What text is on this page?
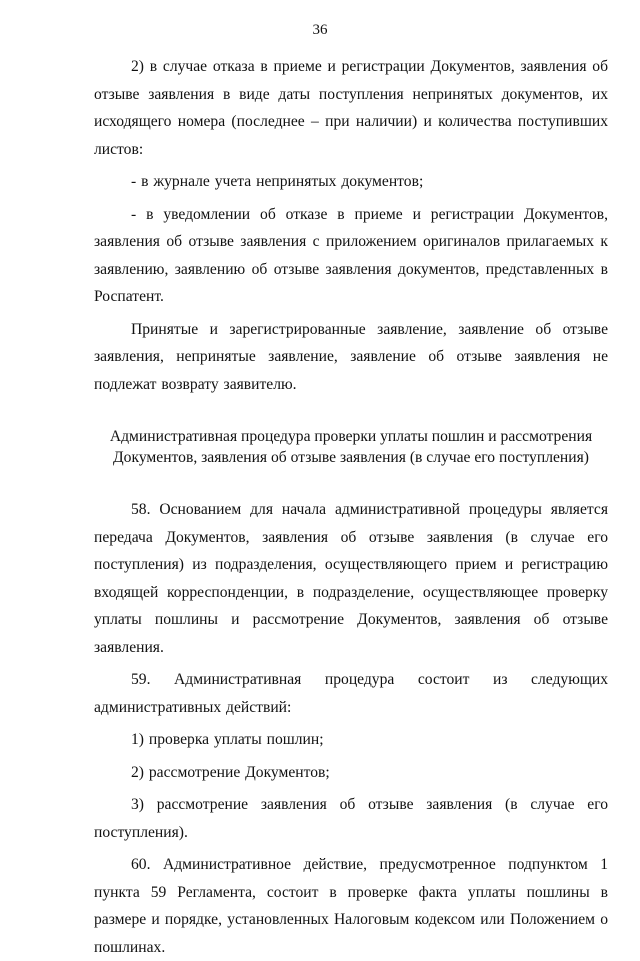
36

2) в случае отказа в приеме и регистрации Документов, заявления об отзыве заявления в виде даты поступления непринятых документов, их исходящего номера (последнее – при наличии) и количества поступивших листов:

- в журнале учета непринятых документов;

- в уведомлении об отказе в приеме и регистрации Документов, заявления об отзыве заявления с приложением оригиналов прилагаемых к заявлению, заявлению об отзыве заявления документов, представленных в Роспатент.

Принятые и зарегистрированные заявление, заявление об отзыве заявления, непринятые заявление, заявление об отзыве заявления не подлежат возврату заявителю.

Административная процедура проверки уплаты пошлин и рассмотрения
Документов, заявления об отзыве заявления (в случае его поступления)

58. Основанием для начала административной процедуры является передача Документов, заявления об отзыве заявления (в случае его поступления) из подразделения, осуществляющего прием и регистрацию входящей корреспонденции, в подразделение, осуществляющее проверку уплаты пошлины и рассмотрение Документов, заявления об отзыве заявления.

59. Административная процедура состоит из следующих административных действий:

1) проверка уплаты пошлин;

2) рассмотрение Документов;

3) рассмотрение заявления об отзыве заявления (в случае его поступления).

60. Административное действие, предусмотренное подпунктом 1 пункта 59 Регламента, состоит в проверке факта уплаты пошлины в размере и порядке, установленных Налоговым кодексом или Положением о пошлинах.
